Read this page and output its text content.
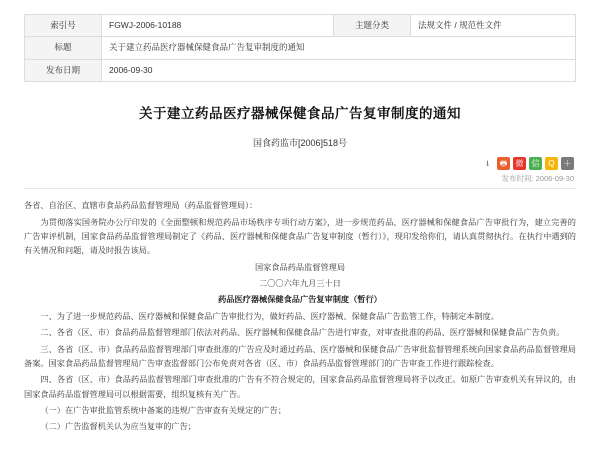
索引号	FGWJ-2006-10188	主题分类	法规文件 / 规范性文件
标题	关于建立药品医疗器械保健食品广告复审制度的通知		
发布日期	2006-09-30		
关于建立药品医疗器械保健食品广告复审制度的通知
国食药监市[2006]518号
⭳	🖶	微	信	Q	＋
发布时间: 2006-09-30

各省、自治区、直辖市食品药品监督管理局（药品监督管理局）：

为贯彻落实国务院办公厅印发的《全面整顿和规范药品市场秩序专项行动方案》，进一步规范药品、医疗器械和保健食品广告审批行为，建立完善的广告审评机制，国家食品药品监督管理局制定了《药品、医疗器械和保健食品广告复审制度（暂行）》，现印发给你们，请认真贯彻执行。在执行中遇到的有关情况和问题，请及时报告该局。

国家食品药品监督管理局

二〇〇六年九月三十日

药品医疗器械保健食品广告复审制度（暂行）

一、为了进一步规范药品、医疗器械和保健食品广告审批行为，做好药品、医疗器械、保健食品广告监管工作，特制定本制度。

二、各省（区、市）食品药品监督管理部门依法对药品、医疗器械和保健食品广告进行审查，对审查批准的药品、医疗器械和保健食品广告负责。

三、各省（区、市）食品药品监督管理部门审查批准的广告应及时通过药品、医疗器械和保健食品广告审批监督管理系统向国家食品药品监督管理局备案。国家食品药品监督管理局广告审查监督部门公布免责对各省（区、市）食品药品监督管理部门的广告审查工作进行跟踪检查。

四、各省（区、市）食品药品监督管理部门审查批准的广告有不符合规定的，国家食品药品监督管理局将予以改正。如原广告审查机关有异议的，由国家食品药品监督管理局可以根据需要，组织复核有关广告。

（一）在广告审批监管系统中备案的违规广告审查有关规定的广告；

（二）广告监督机关认为应当复审的广告；
